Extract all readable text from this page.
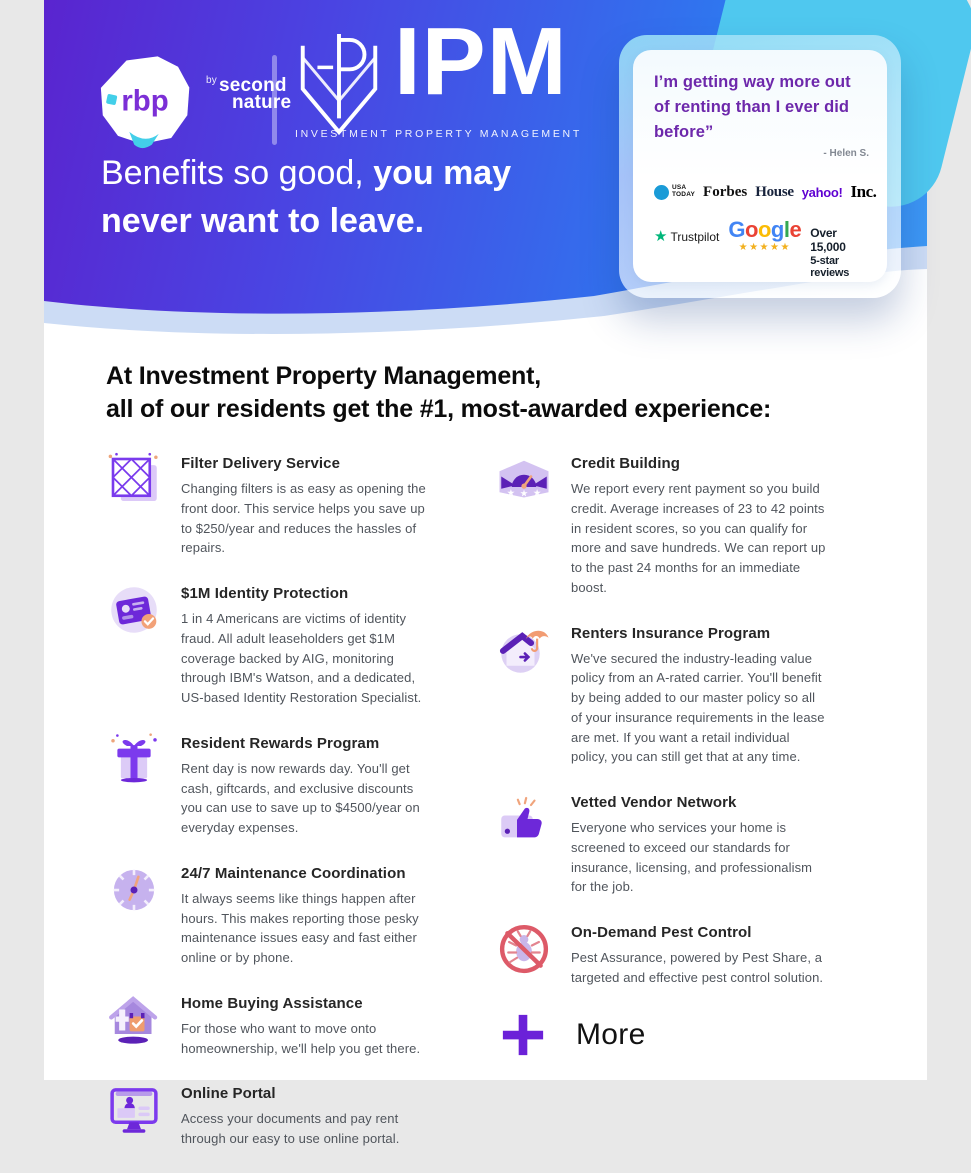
rbp
$^{by}$ second
nature IPM
INVESTMENT PROPERTY MANAGEMENT
Benefits so good, you may
never want to leave.
I’m getting way more out of renting than I ever did before”
- Helen S.
USA
TODAY Forbes House yahoo! Inc.
★ Trustpilot Google
★★★★★
Over 15,000
5-star reviews
At Investment Property Management,
all of our residents get the #1, most-awarded experience:
Filter Delivery Service

Changing filters is as easy as opening the front door. This service helps you save up to $250/year and reduces the hassles of repairs.

$1M Identity Protection

1 in 4 Americans are victims of identity fraud. All adult leaseholders get $1M coverage backed by AIG, monitoring through IBM's Watson, and a dedicated, US-based Identity Restoration Specialist.

Resident Rewards Program

Rent day is now rewards day. You'll get cash, giftcards, and exclusive discounts you can use to save up to $4500/year on everyday expenses.

24/7 Maintenance Coordination

It always seems like things happen after hours. This makes reporting those pesky maintenance issues easy and fast either online or by phone.

Home Buying Assistance

For those who want to move onto homeownership, we'll help you get there.

Online Portal

Access your documents and pay rent through our easy to use online portal.

★ ★ ★
Credit Building

We report every rent payment so you build credit. Average increases of 23 to 42 points in resident scores, so you can qualify for more and save hundreds. We can report up to the past 24 months for an immediate boost.

Renters Insurance Program

We've secured the industry-leading value policy from an A-rated carrier. You'll benefit by being added to our master policy so all of your insurance requirements in the lease are met. If you want a retail individual policy, you can still get that at any time.

Vetted Vendor Network

Everyone who services your home is screened to exceed our standards for insurance, licensing, and professionalism for the job.

On-Demand Pest Control

Pest Assurance, powered by Pest Share, a targeted and effective pest control solution.

More
